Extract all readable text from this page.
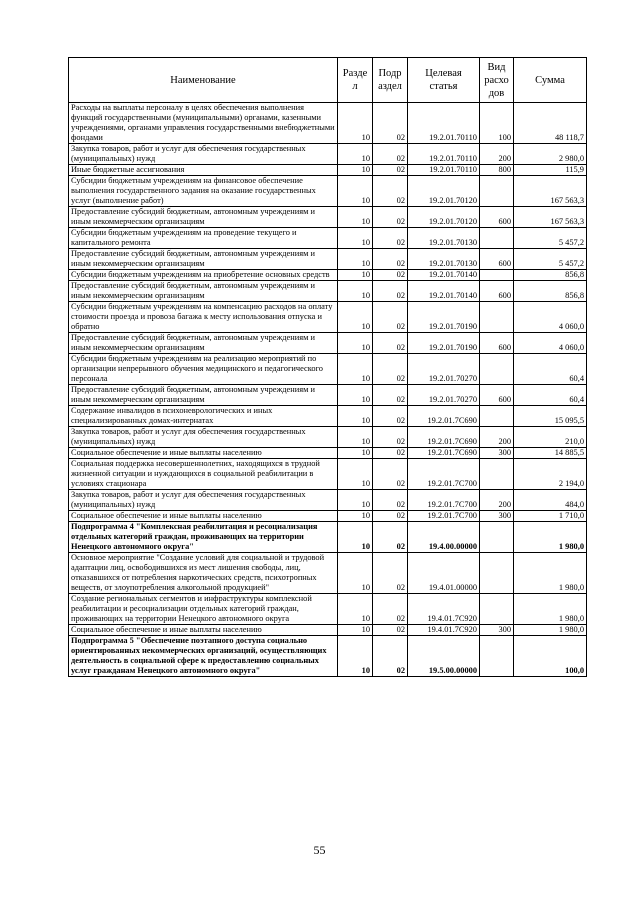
Наименование	Разде л	Подр аздел	Целевая статья	Вид расхо дов	Сумма
Расходы на выплаты персоналу в целях обеспечения выполнения функций государственными (муниципальными) органами, казенными учреждениями, органами управления государственными внебюджетными фондами	10	02	19.2.01.70110	100	48 118,7
Закупка товаров, работ и услуг для обеспечения государственных (муниципальных) нужд	10	02	19.2.01.70110	200	2 980,0
Иные бюджетные ассигнования	10	02	19.2.01.70110	800	115,9
Субсидии бюджетным учреждениям на финансовое обеспечение выполнения государственного задания на оказание государственных услуг (выполнение работ)	10	02	19.2.01.70120		167 563,3
Предоставление субсидий бюджетным, автономным учреждениям и иным некоммерческим организациям	10	02	19.2.01.70120	600	167 563,3
Субсидии бюджетным учреждениям на проведение текущего и капитального ремонта	10	02	19.2.01.70130		5 457,2
Предоставление субсидий бюджетным, автономным учреждениям и иным некоммерческим организациям	10	02	19.2.01.70130	600	5 457,2
Субсидии бюджетным учреждениям на приобретение основных средств	10	02	19.2.01.70140		856,8
Предоставление субсидий бюджетным, автономным учреждениям и иным некоммерческим организациям	10	02	19.2.01.70140	600	856,8
Субсидии бюджетным учреждениям на компенсацию расходов на оплату стоимости проезда и провоза багажа к месту использования отпуска и обратно	10	02	19.2.01.70190		4 060,0
Предоставление субсидий бюджетным, автономным учреждениям и иным некоммерческим организациям	10	02	19.2.01.70190	600	4 060,0
Субсидии бюджетным учреждениям на реализацию мероприятий по организации непрерывного обучения медицинского и педагогического персонала	10	02	19.2.01.70270		60,4
Предоставление субсидий бюджетным, автономным учреждениям и иным некоммерческим организациям	10	02	19.2.01.70270	600	60,4
Содержание инвалидов в психоневрологических и иных специализированных домах-интернатах	10	02	19.2.01.7С690		15 095,5
Закупка товаров, работ и услуг для обеспечения государственных (муниципальных) нужд	10	02	19.2.01.7С690	200	210,0
Социальное обеспечение и иные выплаты населению	10	02	19.2.01.7С690	300	14 885,5
Социальная поддержка несовершеннолетних, находящихся в трудной жизненной ситуации и нуждающихся в социальной реабилитации в условиях стационара	10	02	19.2.01.7С700		2 194,0
Закупка товаров, работ и услуг для обеспечения государственных (муниципальных) нужд	10	02	19.2.01.7С700	200	484,0
Социальное обеспечение и иные выплаты населению	10	02	19.2.01.7С700	300	1 710,0
Подпрограмма 4 "Комплексная реабилитация и ресоциализация отдельных категорий граждан, проживающих на территории Ненецкого автономного округа"	10	02	19.4.00.00000		1 980,0
Основное мероприятие "Создание условий для социальной и трудовой адаптации лиц, освободившихся из мест лишения свободы, лиц, отказавшихся от потребления наркотических средств, психотропных веществ, от злоупотребления алкогольной продукцией"	10	02	19.4.01.00000		1 980,0
Создание региональных сегментов и инфраструктуры комплексной реабилитации и ресоциализации отдельных категорий граждан, проживающих на территории Ненецкого автономного округа	10	02	19.4.01.7С920		1 980,0
Социальное обеспечение и иные выплаты населению	10	02	19.4.01.7С920	300	1 980,0
Подпрограмма 5 "Обеспечение поэтапного доступа социально ориентированных некоммерческих организаций, осуществляющих деятельность в социальной сфере к предоставлению социальных услуг гражданам Ненецкого автономного округа"	10	02	19.5.00.00000		100,0
55
